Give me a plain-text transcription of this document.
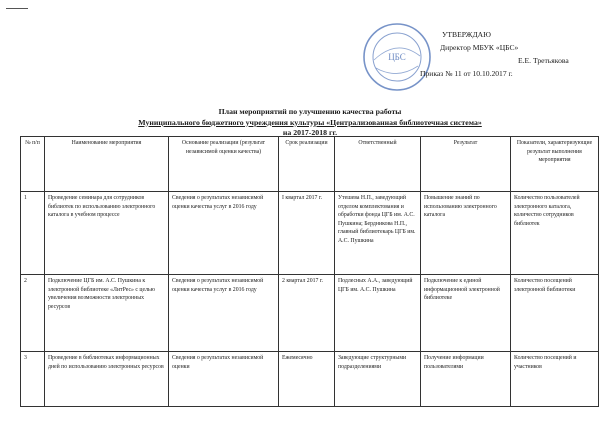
ЦБС
УТВЕРЖДАЮ
Директор МБУК «ЦБС»
Е.Е. Третьякова
Приказ № 11 от 10.10.2017 г.
План мероприятий по улучшению качества работы
Муниципального бюджетного учреждения культуры «Централизованная библиотечная система»
на 2017-2018 гг.
№ п/п	Наименование мероприятия	Основание реализации (результат независимой оценки качества)	Срок реализации	Ответственный	Результат	Показатели, характеризующие результат выполнения мероприятия
1	Проведение семинара для сотрудников библиотек по использованию электронного каталога в учебном процессе	Сведения о результатах независимой оценки качества услуг в 2016 году	I квартал 2017 г.	Утешева Н.П., заведующий отделом комплектования и обработки фонда ЦГБ им. А.С. Пушкина; Бердникова Н.П., главный библиотекарь ЦГБ им. А.С. Пушкина	Повышение знаний по использованию электронного каталога	Количество пользователей электронного каталога, количество сотрудников библиотек
2	Подключение ЦГБ им. А.С. Пушкина к электронной библиотеке «ЛитРес» с целью увеличения возможности электронных ресурсов	Сведения о результатах независимой оценки качества услуг в 2016 году	2 квартал 2017 г.	Подлесных А.А., заведующий ЦГБ им. А.С. Пушкина	Подключение к единой информационной электронной библиотеке	Количество посещений электронной библиотеки
3	Проведение в библиотеках информационных дней по использованию электронных ресурсов	Сведения о результатах независимой оценки	Ежемесячно	Заведующие структурными подразделениями	Получение информации пользователями	Количество посещений и участников
